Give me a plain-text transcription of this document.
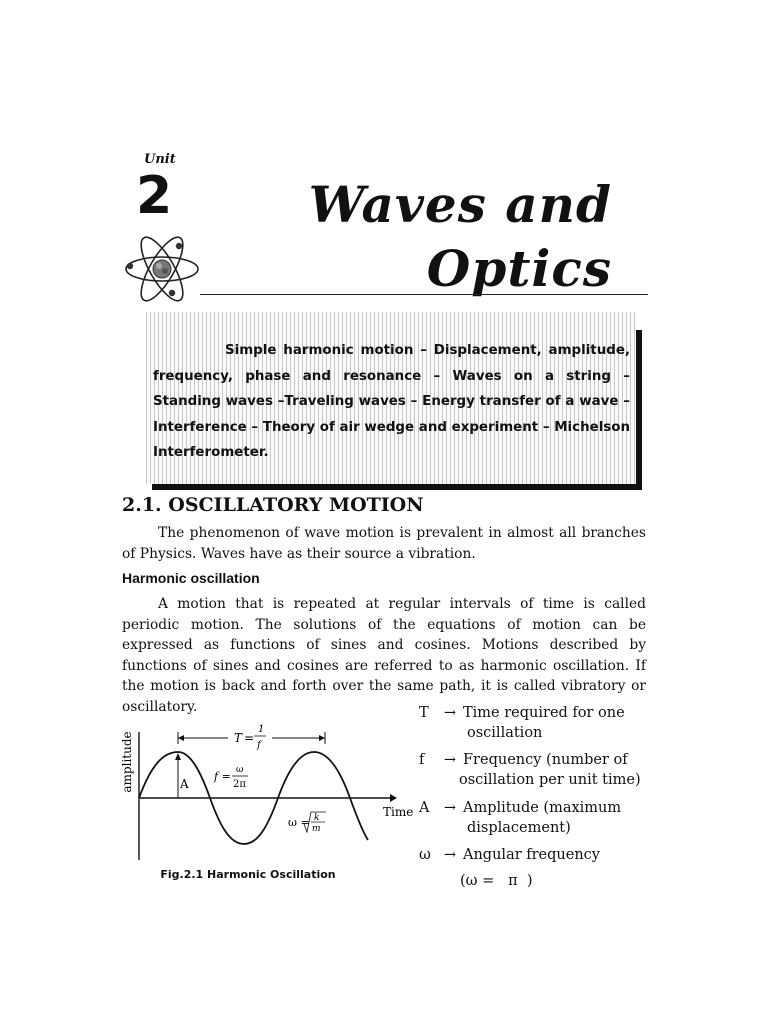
Unit
2	Waves and
Optics
Simple harmonic motion – Displacement, amplitude, frequency, phase and resonance – Waves on a string – Standing waves –Traveling waves – Energy transfer of a wave – Interference – Theory of air wedge and experiment – Michelson Interferometer.
2.1. OSCILLATORY MOTION
The phenomenon of wave motion is prevalent in almost all branches of Physics. Waves have as their source a vibration.
Harmonic oscillation
A motion that is repeated at regular intervals of time is called periodic motion. The solutions of the equations of motion can be expressed as functions of sines and cosines. Motions described by functions of sines and cosines are referred to as harmonic oscillation. If the motion is back and forth over the same path, it is called vibratory or oscillatory.
amplitude
Time
T =
1
f
A
f = ω
2π
ω = k
m
Fig.2.1 Harmonic Oscillation
T → Time required for one
oscillation
f → Frequency (number of
oscillation per unit time)
A → Amplitude (maximum
displacement)
ω → Angular frequency
(ω =   π  )
